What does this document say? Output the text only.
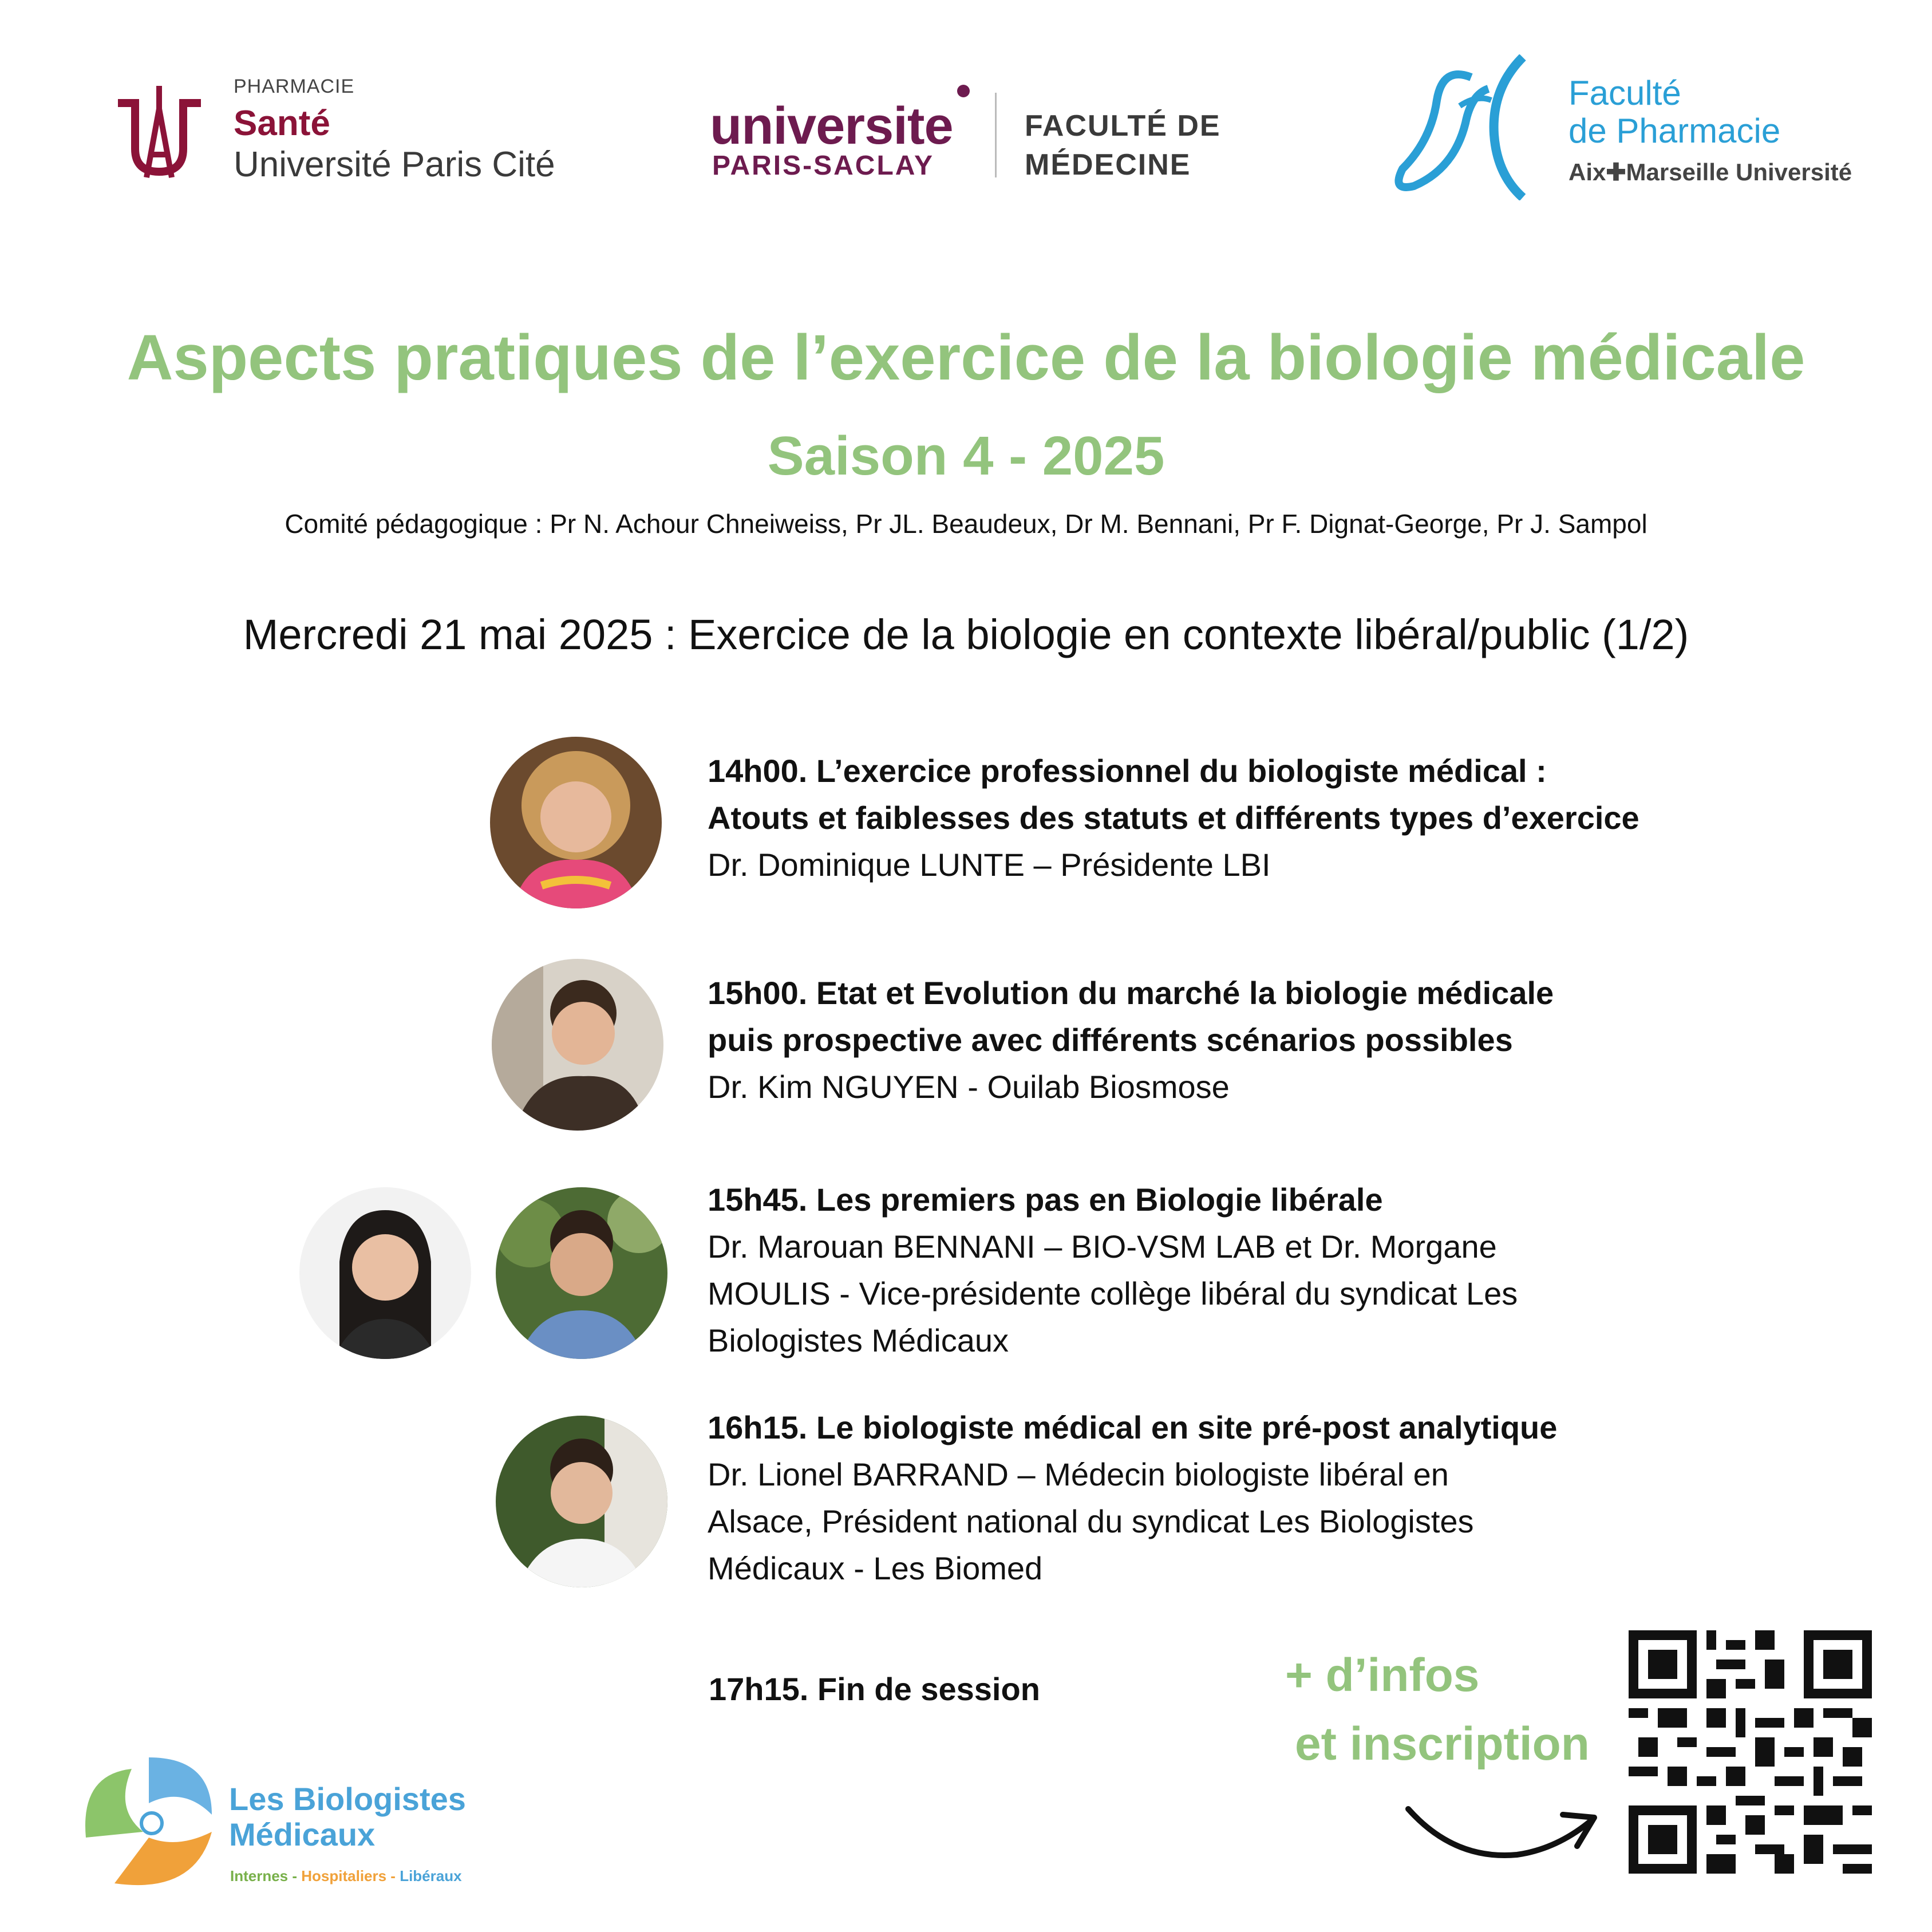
PHARMACIE
Santé
Université Paris Cité
universite
PARIS-SACLAY
FACULTÉ DE
MÉDECINE
Faculté
de Pharmacie
Aix✚Marseille Université
Aspects pratiques de l’exercice de la biologie médicale
Saison 4 - 2025
Comité pédagogique : Pr N. Achour Chneiweiss, Pr JL. Beaudeux, Dr M. Bennani, Pr F. Dignat-George, Pr J. Sampol
Mercredi 21 mai 2025 : Exercice de la biologie en contexte libéral/public (1/2)
14h00. L’exercice professionnel du biologiste médical :
Atouts et faiblesses des statuts et différents types d’exercice
Dr. Dominique LUNTE – Présidente LBI
15h00. Etat et Evolution du marché la biologie médicale
puis prospective avec différents scénarios possibles
Dr. Kim NGUYEN - Ouilab Biosmose
15h45. Les premiers pas en Biologie libérale
Dr. Marouan BENNANI – BIO-VSM LAB et Dr. Morgane
MOULIS - Vice-présidente collège libéral du syndicat Les
Biologistes Médicaux
16h15. Le biologiste médical en site pré-post analytique
Dr. Lionel BARRAND – Médecin biologiste libéral en
Alsace, Président national du syndicat Les Biologistes
Médicaux - Les Biomed
17h15. Fin de session
Les Biologistes
Médicaux
Internes - Hospitaliers - Libéraux
+ d’infos
et inscription
